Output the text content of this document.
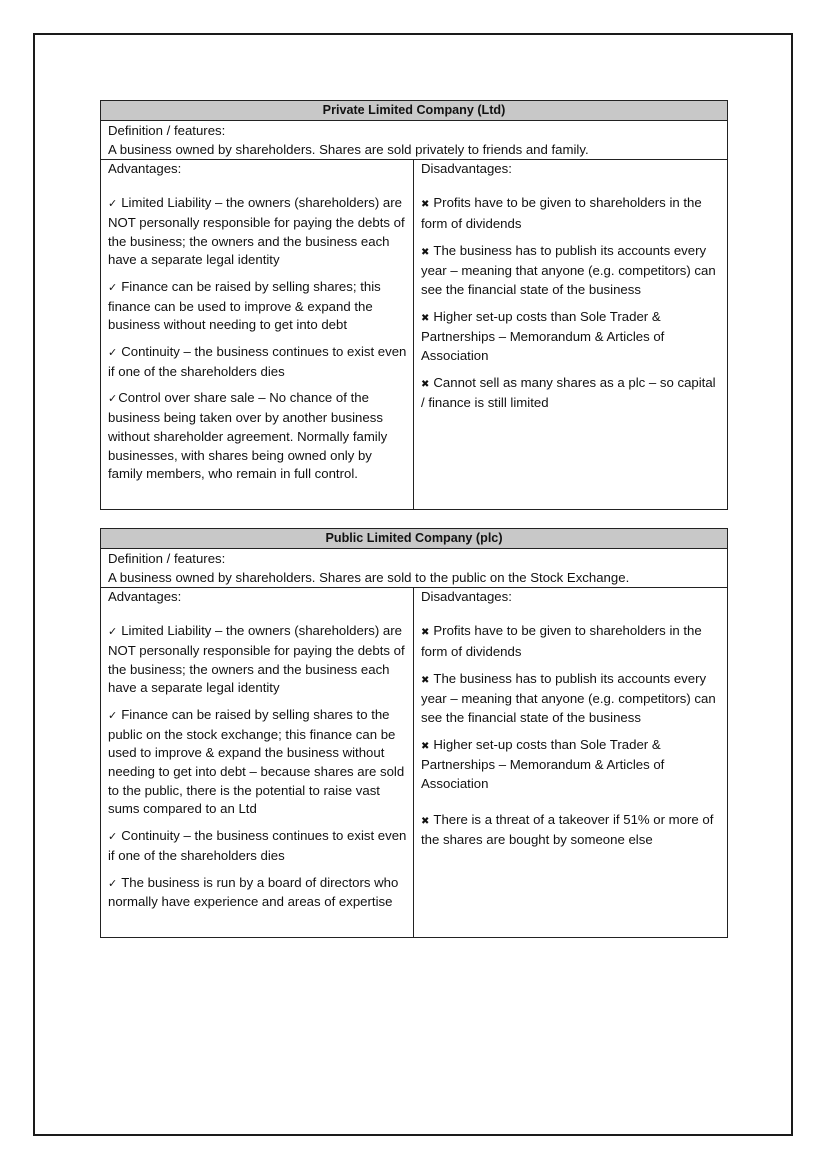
Private Limited Company (Ltd)

Definition / features:

A business owned by shareholders. Shares are sold privately to friends and family.

Advantages:

✓ Limited Liability – the owners (shareholders) are NOT personally responsible for paying the debts of the business; the owners and the business each have a separate legal identity

✓ Finance can be raised by selling shares; this finance can be used to improve & expand the business without needing to get into debt

✓ Continuity – the business continues to exist even if one of the shareholders dies

✓Control over share sale – No chance of the business being taken over by another business without shareholder agreement. Normally family businesses, with shares being owned only by family members, who remain in full control.

Disadvantages:

✖ Profits have to be given to shareholders in the form of dividends

✖ The business has to publish its accounts every year – meaning that anyone (e.g. competitors) can see the financial state of the business

✖ Higher set-up costs than Sole Trader & Partnerships – Memorandum & Articles of Association

✖ Cannot sell as many shares as a plc – so capital / finance is still limited

Public Limited Company (plc)

Definition / features:

A business owned by shareholders. Shares are sold to the public on the Stock Exchange.

Advantages:

✓ Limited Liability – the owners (shareholders) are NOT personally responsible for paying the debts of the business; the owners and the business each have a separate legal identity

✓ Finance can be raised by selling shares to the public on the stock exchange; this finance can be used to improve & expand the business without needing to get into debt – because shares are sold to the public, there is the potential to raise vast sums compared to an Ltd

✓ Continuity – the business continues to exist even if one of the shareholders dies

✓ The business is run by a board of directors who normally have experience and areas of expertise

Disadvantages:

✖ Profits have to be given to shareholders in the form of dividends

✖ The business has to publish its accounts every year – meaning that anyone (e.g. competitors) can see the financial state of the business

✖ Higher set-up costs than Sole Trader & Partnerships – Memorandum & Articles of Association

✖ There is a threat of a takeover if 51% or more of the shares are bought by someone else
